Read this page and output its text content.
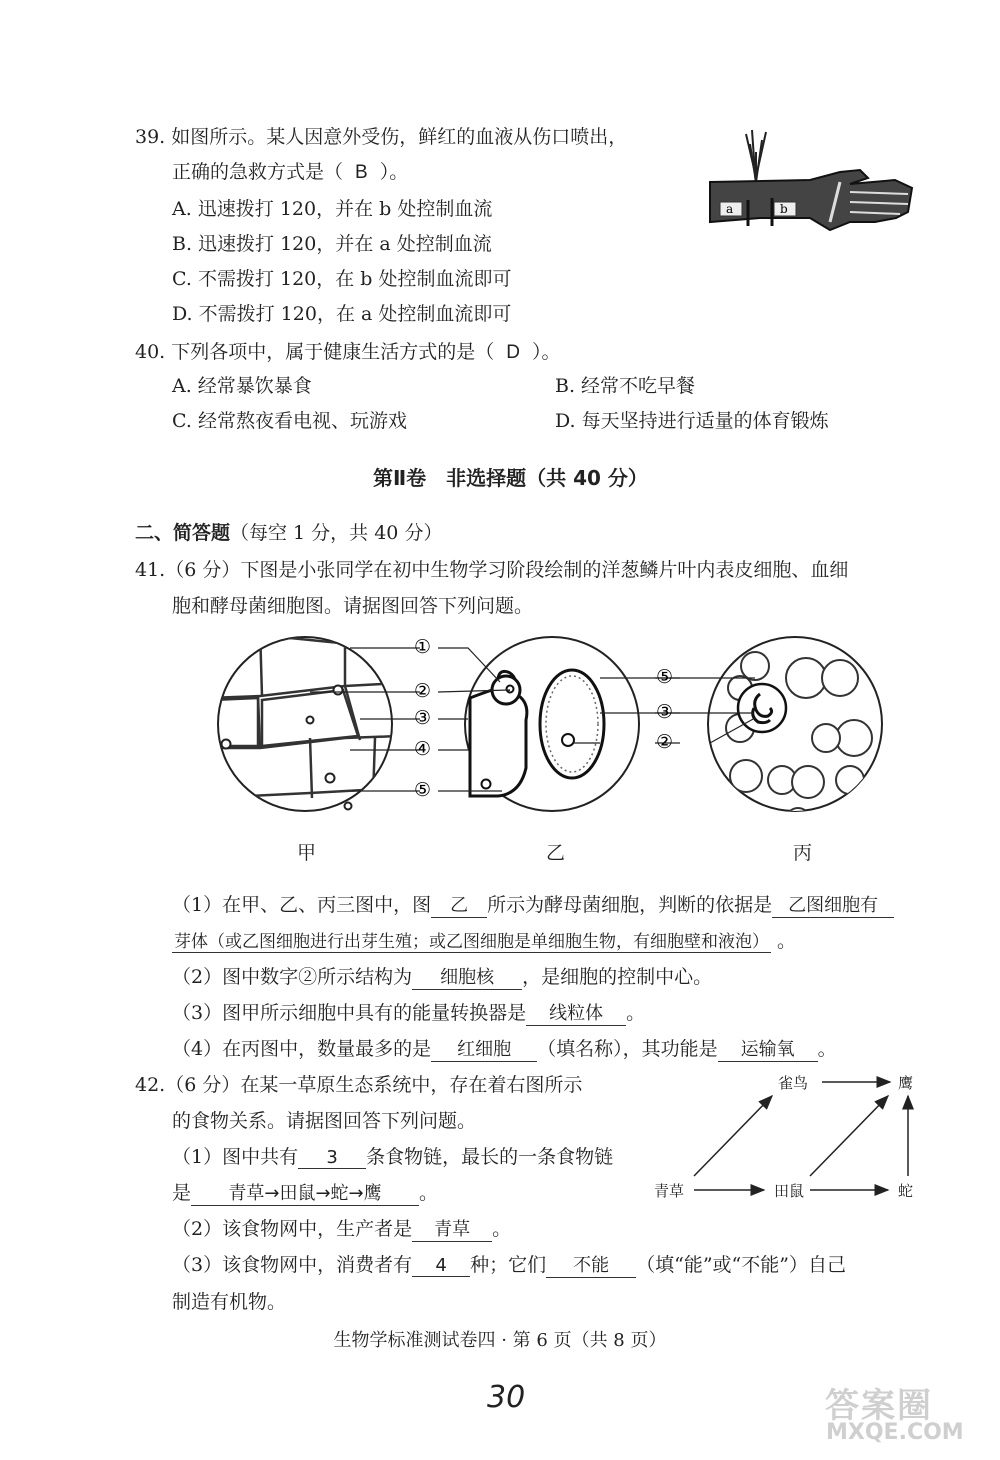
39. 如图所示。某人因意外受伤，鲜红的血液从伤口喷出，
正确的急救方式是（ B ）。
A. 迅速拨打 120，并在 b 处控制血流
B. 迅速拨打 120，并在 a 处控制血流
C. 不需拨打 120，在 b 处控制血流即可
D. 不需拨打 120，在 a 处控制血流即可
a	b
40. 下列各项中，属于健康生活方式的是（ D ）。
A. 经常暴饮暴食	B. 经常不吃早餐
C. 经常熬夜看电视、玩游戏	D. 每天坚持进行适量的体育锻炼
第Ⅱ卷　非选择题（共 40 分）
二、简答题（每空 1 分，共 40 分）
41.（6 分）下图是小张同学在初中生物学习阶段绘制的洋葱鳞片叶内表皮细胞、血细
胞和酵母菌细胞图。请据图回答下列问题。
①
②
③
④
⑤
⑤
③
②
甲	乙	丙
（1）在甲、乙、丙三图中，图 乙 所示为酵母菌细胞，判断的依据是 乙图细胞有
芽体（或乙图细胞进行出芽生殖；或乙图细胞是单细胞生物，有细胞壁和液泡） 。
（2）图中数字②所示结构为 细胞核 ，是细胞的控制中心。
（3）图甲所示细胞中具有的能量转换器是 线粒体 。
（4）在丙图中，数量最多的是 红细胞 （填名称），其功能是 运输氧 。
42.（6 分）在某一草原生态系统中，存在着右图所示
的食物关系。请据图回答下列问题。
（1）图中共有 3 条食物链，最长的一条食物链
是 青草→田鼠→蛇→鹰 。
（2）该食物网中，生产者是 青草 。
（3）该食物网中，消费者有 4 种；它们 不能 （填“能”或“不能”）自己
制造有机物。
雀鸟	鹰
青草	田鼠	蛇
生物学标准测试卷四 · 第 6 页（共 8 页）
30	答案圈
MXQE.COM
